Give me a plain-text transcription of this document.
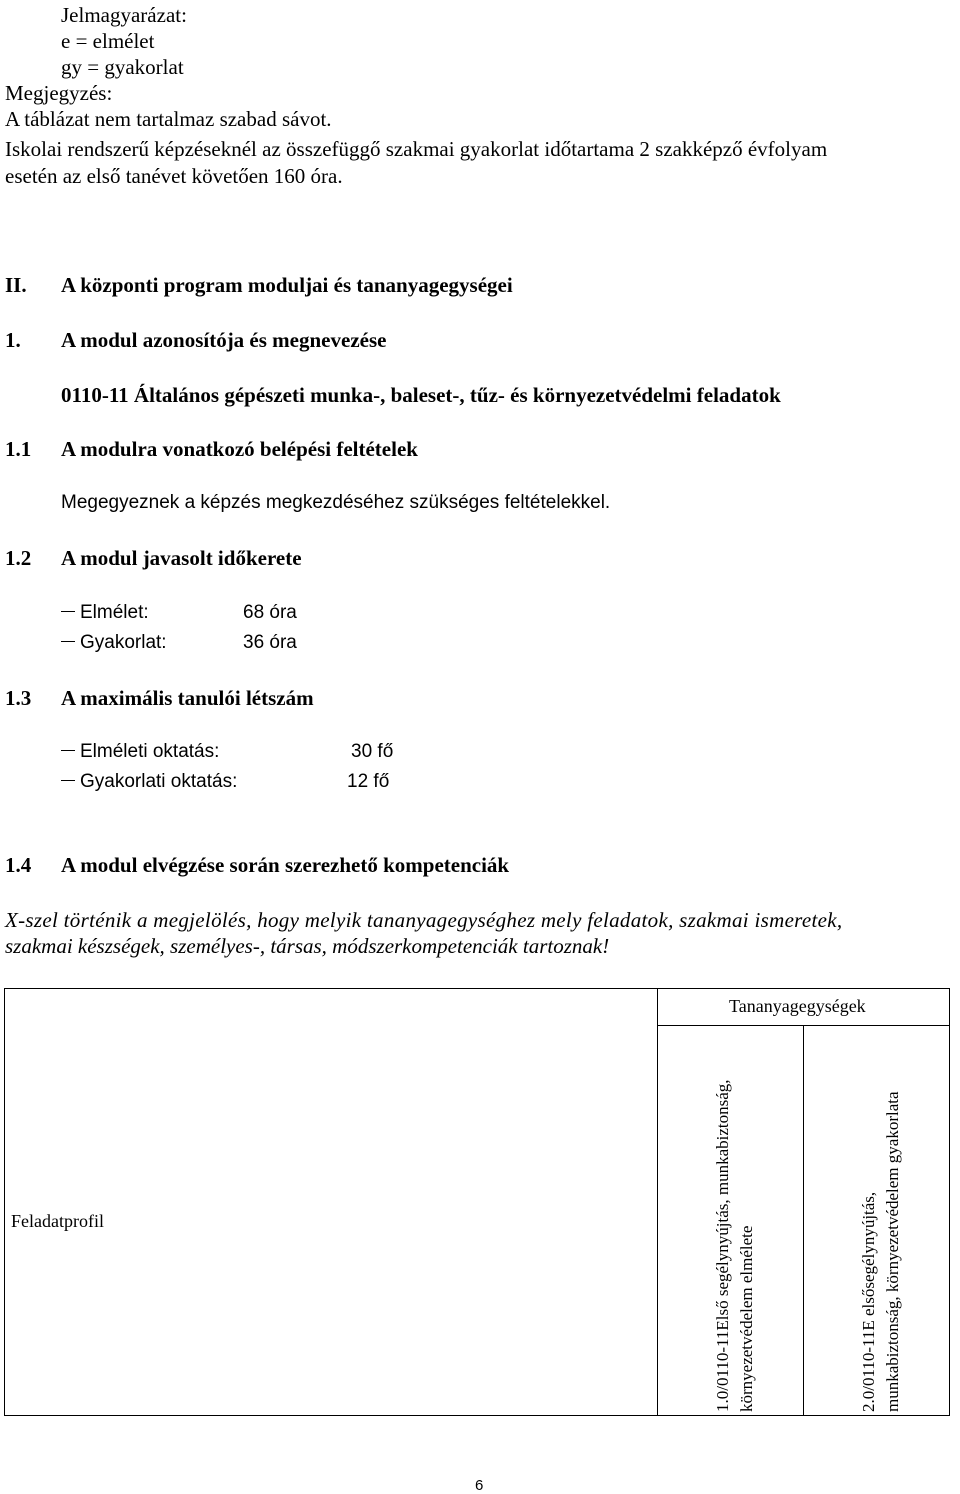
Jelmagyarázat:
e = elmélet
gy = gyakorlat
Megjegyzés:
A táblázat nem tartalmaz szabad sávot.
Iskolai rendszerű képzéseknél az összefüggő szakmai gyakorlat időtartama 2 szakképző évfolyam
esetén az első tanévet követően 160 óra.
II. A központi program moduljai és tananyagegységei
1. A modul azonosítója és megnevezése
0110-11 Általános gépészeti munka-, baleset-, tűz- és környezetvédelmi feladatok
1.1 A modulra vonatkozó belépési feltételek
Megegyeznek a képzés megkezdéséhez szükséges feltételekkel.
1.2 A modul javasolt időkerete
Elmélet:	68 óra
Gyakorlat:	36 óra
1.3 A maximális tanulói létszám
Elméleti oktatás:	30 fő
Gyakorlati oktatás:	12 fő
1.4 A modul elvégzése során szerezhető kompetenciák
X-szel történik a megjelölés, hogy melyik tananyagegységhez mely feladatok, szakmai ismeretek,
szakmai készségek, személyes-, társas, módszerkompetenciák tartoznak!
Tananyagegységek
Feladatprofil	1.0/0110-11Első segélynyújtás, munkabiztonság, környezetvédelem elmélete	2.0/0110-11E elsősegélynyújtás, munkabiztonság, környezetvédelem gyakorlata
6
